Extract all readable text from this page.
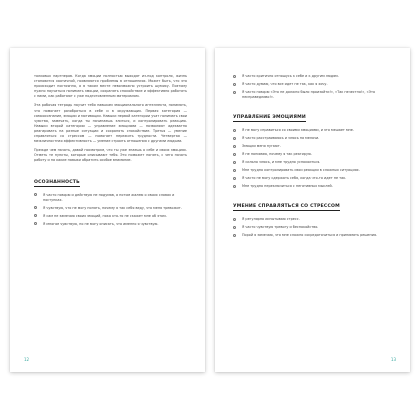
толковых партнеров. Когда эмоции полностью выходят из-под контроля, жизнь становится хаотичной, появляются проблемы в отношениях. Может быть, что это происходит постоянно, а в таком месте невозможно устроить шумиху. Поэтому нужно научиться понимать эмоции, сохранять спокойствие и эффективно работать с ними, как работают с уже подготовленным материалом.

Эта рабочая тетрадь научит тебя навыкам эмоционального интеллекта, понимать, что помогает разобраться в себе и в окружающих. Первая категория — самоосознание, эмоции и мотивации. Навыки первой категории учат понимать свои чувства, замечать, когда ты начинаешь злиться, и контролировать реакцию. Навыки второй категории — управление эмоциями — позволяют адекватно реагировать на разные ситуации и сохранять спокойствие. Третья — умение справляться со стрессом — помогает пережить трудности. Четвертая — межличностная эффективность — умение строить отношения с другими людьми.

Прежде чем начать, давай посмотрим, что ты уже знаешь о себе и своих эмоциях. Отметь те пункты, которые описывают тебя. Это поможет понять, с чего начать работу и на какие навыки обратить особое внимание.

ОСОЗНАННОСТЬ
Я часто говорю и действую не подумав, а потом жалею о своих словах и поступках.
Я чувствую, что не могу понять, почему я так себя веду, что меня тревожит.
Я сам не замечаю своих эмоций, пока кто-то не скажет мне об этом.
Я многое чувствую, но не могу описать, что именно я чувствую.
12
Я часто критично отношусь к себе и к другим людям.
Я часто думаю, что все идет не так, как я хочу.
Я часто говорю «Это не должно было произойти!», «Так нечестно!», «Это несправедливо!».
УПРАВЛЕНИЕ ЭМОЦИЯМИ
Я не могу справиться со своими эмоциями, и это мешает мне.
Я часто расстраиваюсь и злюсь на мелочи.
Эмоции меня пугают.
Я не понимаю, почему я так реагирую.
Я сильно злюсь, и мне трудно успокоиться.
Мне трудно контролировать свои реакции в сложных ситуациях.
Я часто не могу сдержать себя, когда что-то идет не так.
Мне трудно переключиться с негативных мыслей.
УМЕНИЕ СПРАВЛЯТЬСЯ СО СТРЕССОМ
Я регулярно испытываю стресс.
Я часто чувствую тревогу и беспокойство.
Порой я замечаю, что мне сложно сосредоточиться и принимать решения.
13
